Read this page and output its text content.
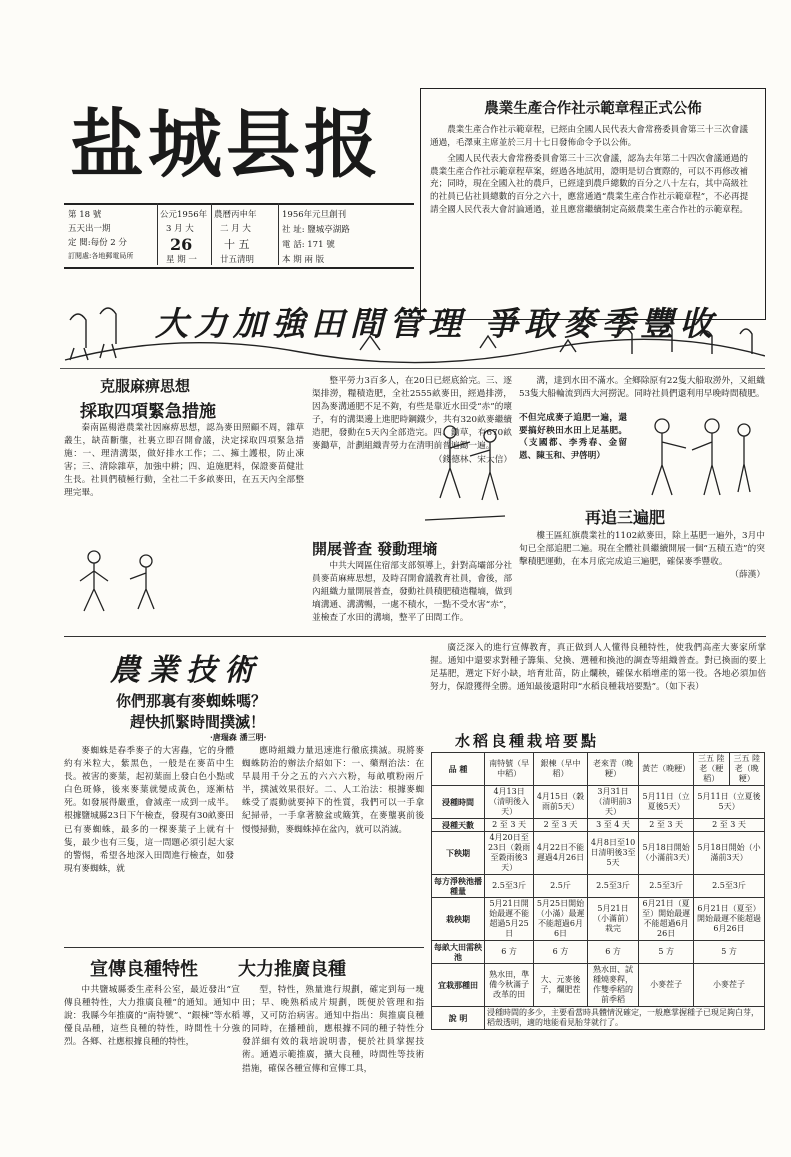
盐城县报	農業生產合作社示範章程正式公佈

農業生產合作社示範章程，已經由全國人民代表大會常務委員會第三十三次會議通過，毛澤東主席並於三月十七日發佈命令予以公佈。

全國人民代表大會常務委員會第三十三次會議，認為去年第二十四次會議通過的農業生產合作社示範章程草案，經過各地試用，證明是切合實際的，可以不再修改補充；同時，現在全國入社的農戶，已經達到農戶總數的百分之八十左右，其中高級社的社員已佔社員總數的百分之六十，應當通過“農業生產合作社示範章程”，不必再提請全國人民代表大會討論通過，並且應當繼續制定高級農業生產合作社的示範章程。

第 18 號
五天出一期
定 閱:每份 2 分
訂閱處:各地郵電局所
公元1956年
3 月 大
26
星 期 一
農曆丙申年
二 月 大
十 五
廿五清明
1956年元旦創刊
社 址: 鹽城亭湖路
電 話: 171 號
本 期 兩 版
大力加強田間管理 爭取麥季豐收
克服麻痹思想
採取四項緊急措施

秦南區楊港農業社因麻痹思想，認為麥田照顧不周，雜草叢生，缺苗斷壟，社裏立即召開會議，決定採取四項緊急措施：一、理清溝渠，做好排水工作；二、擁土護根，防止凍害；三、清除雜草，加強中耕；四、追施肥料，保證麥苗健壯生長。社員們積極行動，全社二千多畝麥田，在五天內全部整理完畢。

整平勞力3百多人，在20日已經底給完。三、逐渠排澇，糧積造肥，全社2555畝麥田，經過排澇，因為麥溝通肥不足不夠，有些是靠近水田受“赤”的壞子，有的溝渠邊上進肥時鋼鐵少，共有320畝麥繼續造肥，發動在5天內全部造完。四、鋤草，有670畝麥鋤草，計劃組織青勞力在清明前普遍鋤一遍。

（錢德林、宋大信）

開展普查 發動理墒

中共大岡區住宿部支部領導上，針對高壩部分社員麥苗麻痺思想，及時召開會議教育社員，會後，部內組織力量開展普查，發動社員積肥積造糧墒，做到墒溝通、溝溝暢，一處不積水，一點不受水害“赤”，並檢查了水田的溝墒，整平了田間工作。

溝，達到水田不滿水。全鄉除原有22隻大船取澇外，又組織53隻大船輪流到西大河撈泥。同時社員們還利用早晚時間積肥。

不但完成麥子追肥一遍，還要搞好秧田水田上足基肥。（支國都、李秀春、金留恩、陳玉和、尹啓明）

再追三遍肥

樓王區紅旗農業社的1102畝麥田，除上基肥一遍外，3月中旬已全部追肥二遍。現在全體社員繼續開展一個“五積五造”的突擊積肥運動，在本月底完成追三遍肥，確保麥季豐收。

（薛漢）

農業技術
你們那裏有麥蜘蛛嗎？
趕快抓緊時間撲滅！
·唐瑞森 潘三明·

麥蜘蛛是春季麥子的大害蟲，它的身體約有米粒大，紫黑色，一般是在麥苗中生長。被害的麥葉，起初葉面上發白色小點或白色斑條，後來麥葉就變成黃色，逐漸枯死。如發展得嚴重，會減產一成到一成半。根據鹽城縣23日下午檢查，發現有30畝麥田已有麥蜘蛛，最多的一棵麥葉子上就有十隻，最少也有三隻，這一問題必須引起大家的警惕，希望各地深入田間進行檢查，如發現有麥蜘蛛，就

應時組織力量迅速進行徹底撲滅。現將麥蜘蛛防治的辦法介紹如下：一、藥劑治法：在早晨用千分之五的六六六粉，每畝噴粉兩斤半，撲滅效果很好。二、人工治法：根據麥蜘蛛受了震動就要掉下的性質，我們可以一手拿紀掃帚，一手拿著臉盆或簸箕，在麥壟裏前後慢慢掃動，麥蜘蛛掉在盆內，就可以消滅。

廣泛深入的進行宣傳教育，真正做到人人懂得良種特性，使我們高產大麥家所掌握。通知中還要求對種子籌集、兌換、選種和換池的調查等組織普查。對已換面的要上足基肥，選定下好小缺，培育壯苗，防止爛秧，確保水稻增產的第一役。各地必須加倍努力，保證獲得全勝。通知最後還附印“水稻良種栽培要點”。（如下表）

宣傳良種特性 大力推廣良種

中共鹽城縣委生產科公室，最近發出“宣傳良種特性，大力推廣良種”的通知。通知中說：我縣今年推廣的“南特號”、“銀棟”等水稻優良品種，這些良種的特性，時間性十分強烈。各鄉、社應根據良種的特性，

型，特性，熟量進行規劃，確定到每一塊田；早、晚熟稻成片規劃，既便於管理和指導，又可防治病害。通知中指出：與推廣良種的同時，在播種前，應根據不同的種子特性分發詳細有效的栽培說明書，便於社員掌握技術。通過示範推廣，擴大良種，時間性等技術措施，確保各種宣傳和宣傳工具，

水稻良種栽培要點
品 種	南特號（早中稻）	銀棟（早中稻）	老來青（晚粳）	黃芒（晚粳）	三五 陸老（粳稻）	三五 陸老（晚粳）
浸種時間	4月13日（清明後入天）	4月15日（穀雨前5天）	3月31日（清明前3天）	5月11日（立夏後5天）	5月11日（立夏後5天）	
浸種天數	2 至 3 天	2 至 3 天	3 至 4 天	2 至 3 天	2 至 3 天	
下秧期	4月20日至23日（穀雨至穀雨後3天）	4月22日不能遲過4月26日	4月8日至10日清明後3至5天	5月18日開始（小滿前3天）	5月18日開始（小滿前3天）	
每方淨秧池播種量	2.5至3斤	2.5斤	2.5至3斤	2.5至3斤	2.5至3斤	
栽秧期	5月21日開始最遲不能超過5月25日	5月25日開始（小滿）最遲不能超過6月6日	5月21日（小滿前）栽完	6月21日（夏至）開始最遲不能超過6月26日	6月21日（夏至）開始最遲不能超過6月26日	
每畝大田需秧池	6 方	6 方	6 方	5 方	5 方	
宜栽那種田	熟水田，準備今秋滿子改革的田	大、元麥後子，爛肥茬	熟水田、試種燒麥稈，作雙季稻的前季稻	小麥茬子	小麥茬子	
說 明	浸種時間的多少，主要看當時具體情況確定，一般應掌握種子已現足夠白芽，稻殼透明，適的地能看見胎芽就行了。					
